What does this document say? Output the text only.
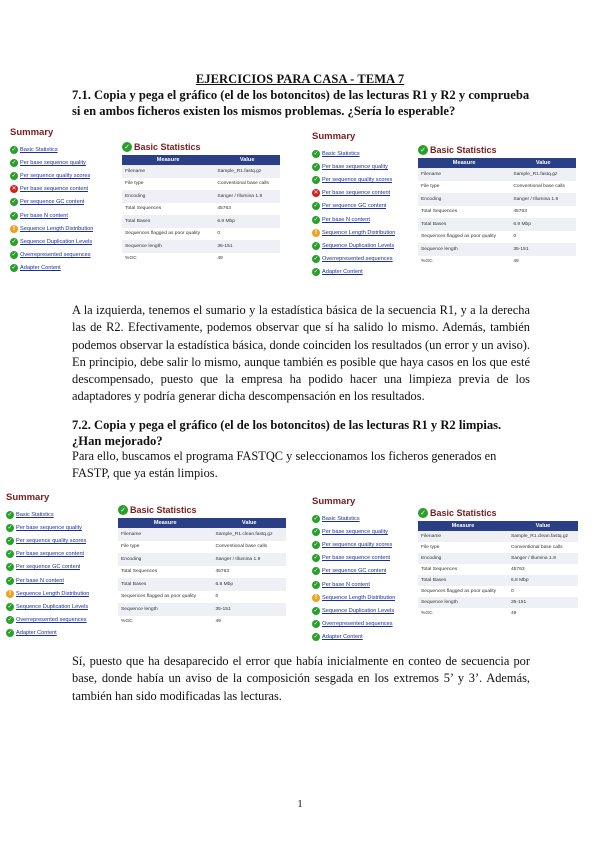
EJERCICIOS PARA CASA - TEMA 7
7.1. Copia y pega el gráfico (el de los botoncitos) de las lecturas R1 y R2 y comprueba si en ambos ficheros existen los mismos problemas. ¿Sería lo esperable?
Summary
✓ Basic Statistics
✓ Per base sequence quality
✓ Per sequence quality scores
✕ Per base sequence content
✓ Per sequence GC content
✓ Per base N content
! Sequence Length Distribution
✓ Sequence Duplication Levels
✓ Overrepresented sequences
✓ Adapter Content
✓ Basic Statistics
Measure	Value
Filename	Sample_R1.fastq.gz
File type	Conventional base calls
Encoding	Sanger / Illumina 1.9
Total Sequences	45763
Total Bases	6.9 Mbp
Sequences flagged as poor quality	0
Sequence length	35-151
%GC	49
Summary
✓ Basic Statistics
✓ Per base sequence quality
✓ Per sequence quality scores
✕ Per base sequence content
✓ Per sequence GC content
✓ Per base N content
! Sequence Length Distribution
✓ Sequence Duplication Levels
✓ Overrepresented sequences
✓ Adapter Content
✓ Basic Statistics
Measure	Value
Filename	Sample_R1.fastq.gz
File type	Conventional base calls
Encoding	Sanger / Illumina 1.9
Total Sequences	45763
Total Bases	6.9 Mbp
Sequences flagged as poor quality	0
Sequence length	35-151
%GC	49
A la izquierda, tenemos el sumario y la estadística básica de la secuencia R1, y a la derecha las de R2. Efectivamente, podemos observar que sí ha salido lo mismo. Además, también podemos observar la estadística básica, donde coinciden los resultados (un error y un aviso). En principio, debe salir lo mismo, aunque también es posible que haya casos en los que esté descompensado, puesto que la empresa ha podido hacer una limpieza previa de los adaptadores y podría generar dicha descompensación en los resultados.
7.2. Copia y pega el gráfico (el de los botoncitos) de las lecturas R1 y R2 limpias. ¿Han mejorado?
Para ello, buscamos el programa FASTQC y seleccionamos los ficheros generados en FASTP, que ya están limpios.
Summary
✓ Basic Statistics
✓ Per base sequence quality
✓ Per sequence quality scores
✓ Per base sequence content
✓ Per sequence GC content
✓ Per base N content
! Sequence Length Distribution
✓ Sequence Duplication Levels
✓ Overrepresented sequences
✓ Adapter Content
✓ Basic Statistics
Measure	Value
Filename	Sample_R1.clean.fastq.gz
File type	Conventional base calls
Encoding	Sanger / Illumina 1.9
Total Sequences	45763
Total Bases	6.8 Mbp
Sequences flagged as poor quality	0
Sequence length	35-151
%GC	49
Summary
✓ Basic Statistics
✓ Per base sequence quality
✓ Per sequence quality scores
✓ Per base sequence content
✓ Per sequence GC content
✓ Per base N content
! Sequence Length Distribution
✓ Sequence Duplication Levels
✓ Overrepresented sequences
✓ Adapter Content
✓ Basic Statistics
Measure	Value
Filename	Sample_R1.clean.fastq.gz
File type	Conventional base calls
Encoding	Sanger / Illumina 1.9
Total Sequences	45763
Total Bases	6.8 Mbp
Sequences flagged as poor quality	0
Sequence length	35-151
%GC	49
Sí, puesto que ha desaparecido el error que había inicialmente en conteo de secuencia por base, donde había un aviso de la composición sesgada en los extremos 5’ y 3’. Además, también han sido modificadas las lecturas.
1
